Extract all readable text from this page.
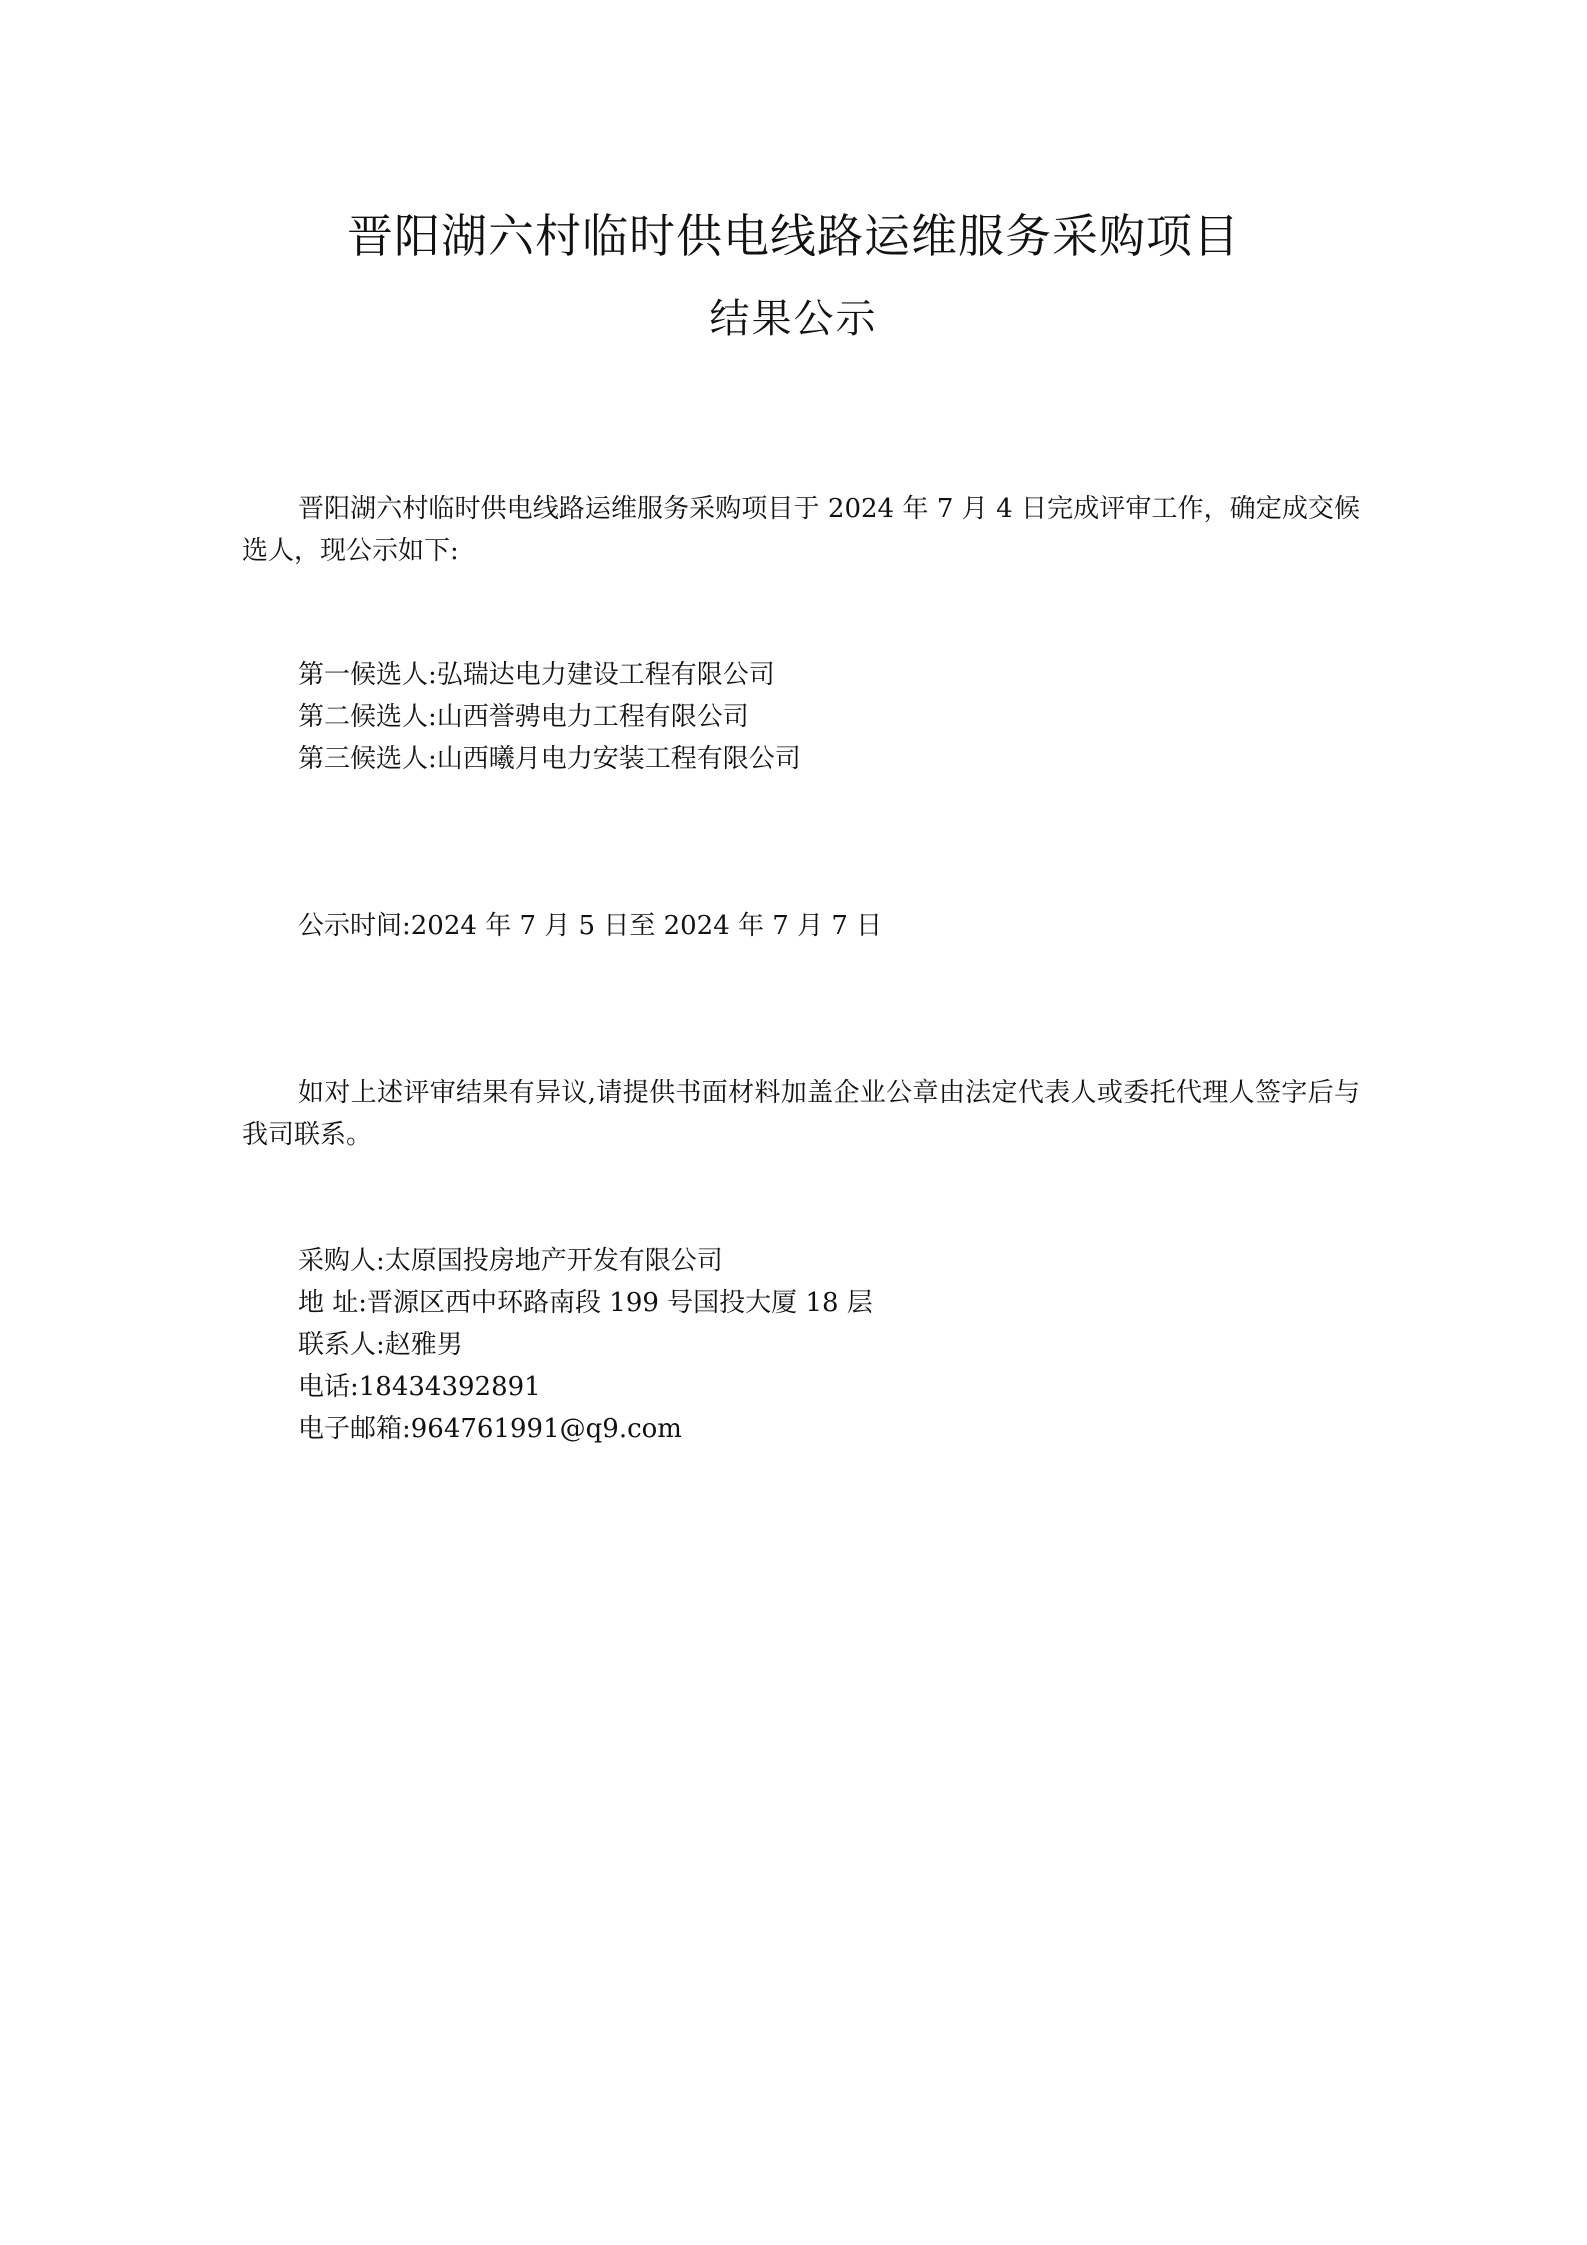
晋阳湖六村临时供电线路运维服务采购项目
结果公示
晋阳湖六村临时供电线路运维服务采购项目于 2024 年 7 月 4 日完成评审工作，确定成交候选人，现公示如下:
第一候选人:弘瑞达电力建设工程有限公司
第二候选人:山西誉骋电力工程有限公司
第三候选人:山西曦月电力安装工程有限公司
公示时间:2024 年 7 月 5 日至 2024 年 7 月 7 日
如对上述评审结果有异议,请提供书面材料加盖企业公章由法定代表人或委托代理人签字后与我司联系。
采购人:太原国投房地产开发有限公司
地 址:晋源区西中环路南段 199 号国投大厦 18 层
联系人:赵雅男
电话:18434392891
电子邮箱:964761991@q9.com
